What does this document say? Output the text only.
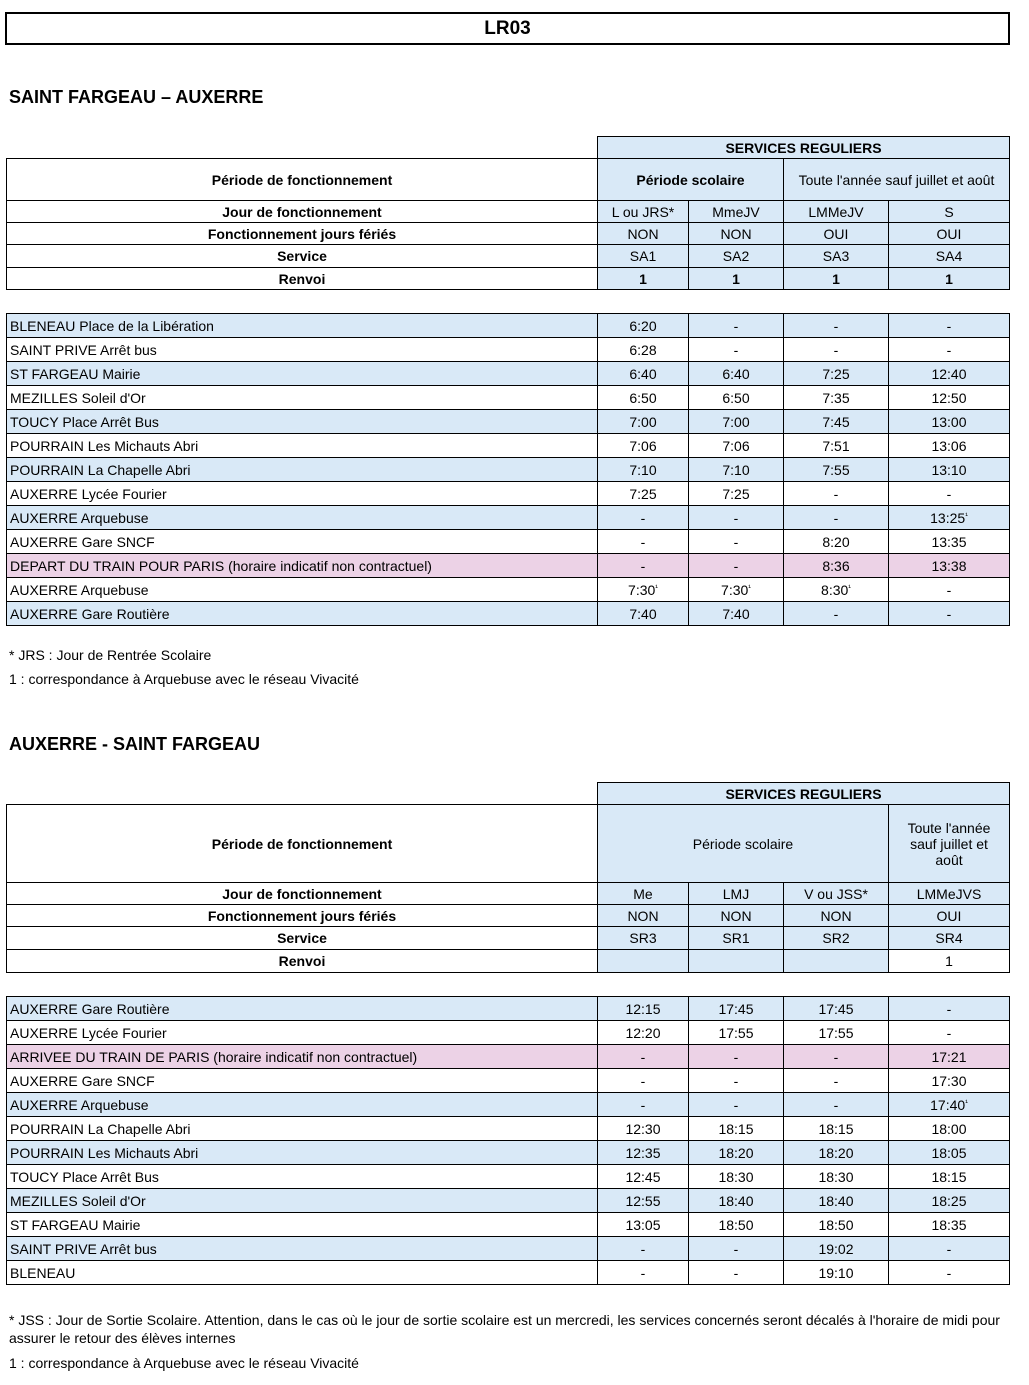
LR03
SAINT FARGEAU – AUXERRE
	SERVICES REGULIERS			
Période de fonctionnement	Période scolaire		Toute l'année sauf juillet et août	
Jour de fonctionnement	L ou JRS*	MmeJV	LMMeJV	S
Fonctionnement jours fériés	NON	NON	OUI	OUI
Service	SA1	SA2	SA3	SA4
Renvoi	1	1	1	1
BLENEAU Place de la Libération	6:20	-	-	-
SAINT PRIVE Arrêt bus	6:28	-	-	-
ST FARGEAU Mairie	6:40	6:40	7:25	12:40
MEZILLES Soleil d'Or	6:50	6:50	7:35	12:50
TOUCY Place Arrêt Bus	7:00	7:00	7:45	13:00
POURRAIN Les Michauts Abri	7:06	7:06	7:51	13:06
POURRAIN La Chapelle Abri	7:10	7:10	7:55	13:10
AUXERRE Lycée Fourier	7:25	7:25	-	-
AUXERRE Arquebuse	-	-	-	$13:25^{^1}$
AUXERRE Gare SNCF	-	-	8:20	13:35
DEPART DU TRAIN POUR PARIS (horaire indicatif non contractuel)	-	-	8:36	13:38
AUXERRE Arquebuse	$7:30^{^1}$	$7:30^{^1}$	$8:30^{^1}$	-
AUXERRE Gare Routière	7:40	7:40	-	-
* JRS : Jour de Rentrée Scolaire
1 : correspondance à Arquebuse avec le réseau Vivacité
AUXERRE - SAINT FARGEAU
	SERVICES REGULIERS			
Période de fonctionnement	Période scolaire			Toute l'année sauf juillet et août
Jour de fonctionnement	Me	LMJ	V ou JSS*	LMMeJVS
Fonctionnement jours fériés	NON	NON	NON	OUI
Service	SR3	SR1	SR2	SR4
Renvoi				1
AUXERRE Gare Routière	12:15	17:45	17:45	-
AUXERRE Lycée Fourier	12:20	17:55	17:55	-
ARRIVEE DU TRAIN DE PARIS (horaire indicatif non contractuel)	-	-	-	17:21
AUXERRE Gare SNCF	-	-	-	17:30
AUXERRE Arquebuse	-	-	-	$17:40^{^1}$
POURRAIN La Chapelle Abri	12:30	18:15	18:15	18:00
POURRAIN Les Michauts Abri	12:35	18:20	18:20	18:05
TOUCY Place Arrêt Bus	12:45	18:30	18:30	18:15
MEZILLES Soleil d'Or	12:55	18:40	18:40	18:25
ST FARGEAU Mairie	13:05	18:50	18:50	18:35
SAINT PRIVE Arrêt bus	-	-	19:02	-
BLENEAU	-	-	19:10	-
* JSS : Jour de Sortie Scolaire. Attention, dans le cas où le jour de sortie scolaire est un mercredi, les services concernés seront décalés à l'horaire de midi pour assurer le retour des élèves internes
1 : correspondance à Arquebuse avec le réseau Vivacité
